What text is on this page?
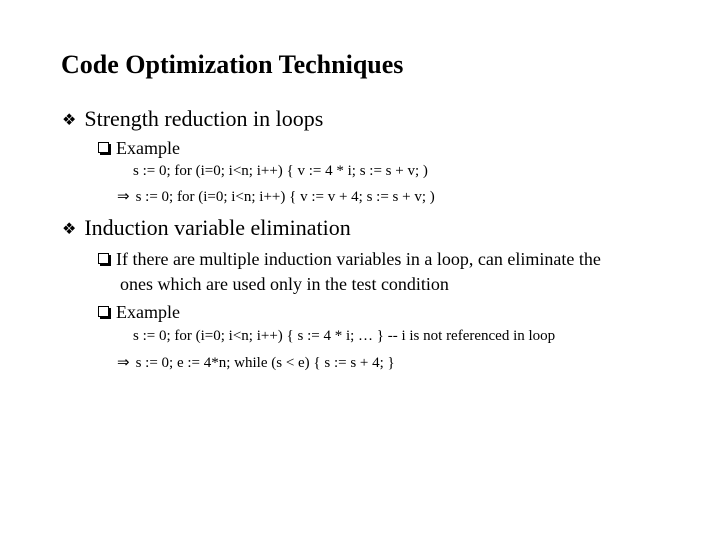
Code Optimization Techniques
❖ Strength reduction in loops
Example
s := 0; for (i=0; i<n; i++) { v := 4 * i; s := s + v; )
⇒ s := 0; for (i=0; i<n; i++) { v := v + 4; s := s + v; )
❖ Induction variable elimination
If there are multiple induction variables in a loop, can eliminate the
ones which are used only in the test condition
Example
s := 0; for (i=0; i<n; i++) { s := 4 * i; … } -- i is not referenced in loop
⇒ s := 0; e := 4*n; while (s < e) { s := s + 4; }
